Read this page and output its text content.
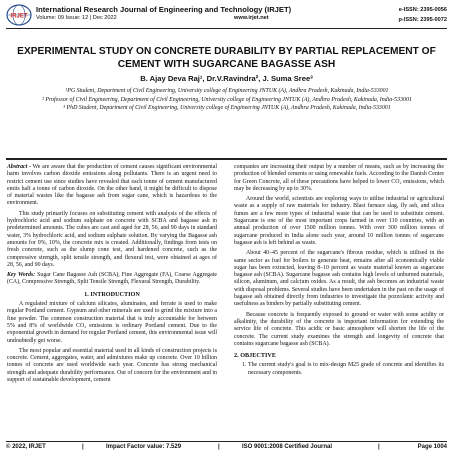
IRJET
International Research Journal of Engineering and Technology (IRJET)
Volume: 09 Issue: 12 | Dec 2022	www.irjet.net
e-ISSN: 2395-0056
p-ISSN: 2395-0072
EXPERIMENTAL STUDY ON CONCRETE DURABILITY BY PARTIAL REPLACEMENT OF CEMENT WITH SUGARCANE BAGASSE ASH
B. Ajay Deva Raj¹, Dr.V.Ravindra², J. Suma Sree³

¹PG Student, Department of Civil Engineering, University college of Engineering JNTUK (A), Andhra Pradesh, Kakinada, India-533001

² Professor of Civil Engineering, Department of Civil Engineering, University college of Engineering JNTUK (A), Andhra Pradesh, Kakinada, India-533001

³ PhD Student, Department of Civil Engineering, University college of Engineering JNTUK (A), Andhra Pradesh, Kakinada, India-533001

Abstract - We are aware that the production of cement causes significant environmental harm involves carbon dioxide emissions along pollutants. There is an urgent need to restrict cement use since studies have revealed that each tonne of cement manufactured emits half a tonne of carbon dioxide. On the other hand, it might be difficult to dispose of material wastes like the bagasse ash from sugar cane, which is hazardous to the environment.

This study primarily focuses on substituting cement with analysis of the effects of hydrochloric acid and sodium sulphate on concrete with SCBA and bagasse ash in predetermined amounts. The cubes are cast and aged for 28, 56, and 90 days in standard water, 3% hydrochloric acid, and sodium sulphate solution. By varying the Bagasse ash amounts for 0%, 10%, the concrete mix is created. Additionally, findings from tests on fresh concrete, such as the slump cone test, and hardened concrete, such as the compressive strength, split tensile strength, and flexural test, were obtained at ages of 28, 56, and 90 days.

Key Words: Sugar Cane Bagasse Ash (SCBA), Fine Aggregate (FA), Coarse Aggregate (CA), Compressive Strength, Split Tensile Strength, Flexural Strength, Durability.

1. INTRODUCTION

A regulated mixture of calcium silicates, aluminates, and ferrate is used to make regular Portland cement. Gypsum and other minerals are used to grind the mixture into a fine powder. The common construction material that is truly accountable for between 5% and 8% of worldwide CO₂ emissions is ordinary Portland cement. Due to the exponential growth in demand for regular Portland cement, this environmental issue will undoubtedly get worse.

The most popular and essential material used in all kinds of construction projects is concrete. Cement, aggregates, water, and admixtures make up concrete. Over 10 billion tonnes of concrete are used worldwide each year. Concrete has strong mechanical strength and adequate durability performance. Out of concern for the environment and in support of sustainable development, cement

companies are increasing their output by a number of means, such as by increasing the production of blended cements or using renewable fuels. According to the Danish Centre for Green Concrete, all of these precautions have helped to lower CO₂ emissions, which may be decreasing by up to 30%.

Around the world, scientists are exploring ways to utilise industrial or agricultural waste as a supply of raw materials for industry. Blast furnace slag, fly ash, and silica fumes are a few more types of industrial waste that can be used to substitute cement. Sugarcane is one of the most important crops farmed in over 110 countries, with an annual production of over 1500 million tonnes. With over 300 million tonnes of sugarcane produced in India alone each year, around 10 million tonnes of sugarcane bagasse ash is left behind as waste.

About 40–45 percent of the sugarcane's fibrous residue, which is utilised in the same sector as fuel for boilers to generate heat, remains after all economically viable sugar has been extracted, leaving 8–10 percent as waste material known as sugarcane bagasse ash (SCBA). Sugarcane bagasse ash contains high levels of unburned materials, silicon, aluminum, and calcium oxides. As a result, the ash becomes an industrial waste with disposal problems. Several studies have been undertaken in the past on the usage of bagasse ash obtained directly from industries to investigate the pozzolanic activity and usefulness as binders by partially substituting cement.

Because concrete is frequently exposed to ground or water with some acidity or alkalinity, the durability of the concrete is important information for extending the service life of concrete. This acidic or basic atmosphere will shorten the life of the concrete. The current study examines the strength and longevity of concrete that contains sugarcane bagasse ash (SCBA).

2. OBJECTIVE
1. The current study's goal is to mix-design M25 grade of concrete and identifies its necessary components.
© 2022, IRJET	|	Impact Factor value: 7.529	|	ISO 9001:2008 Certified Journal	|	Page 1004
